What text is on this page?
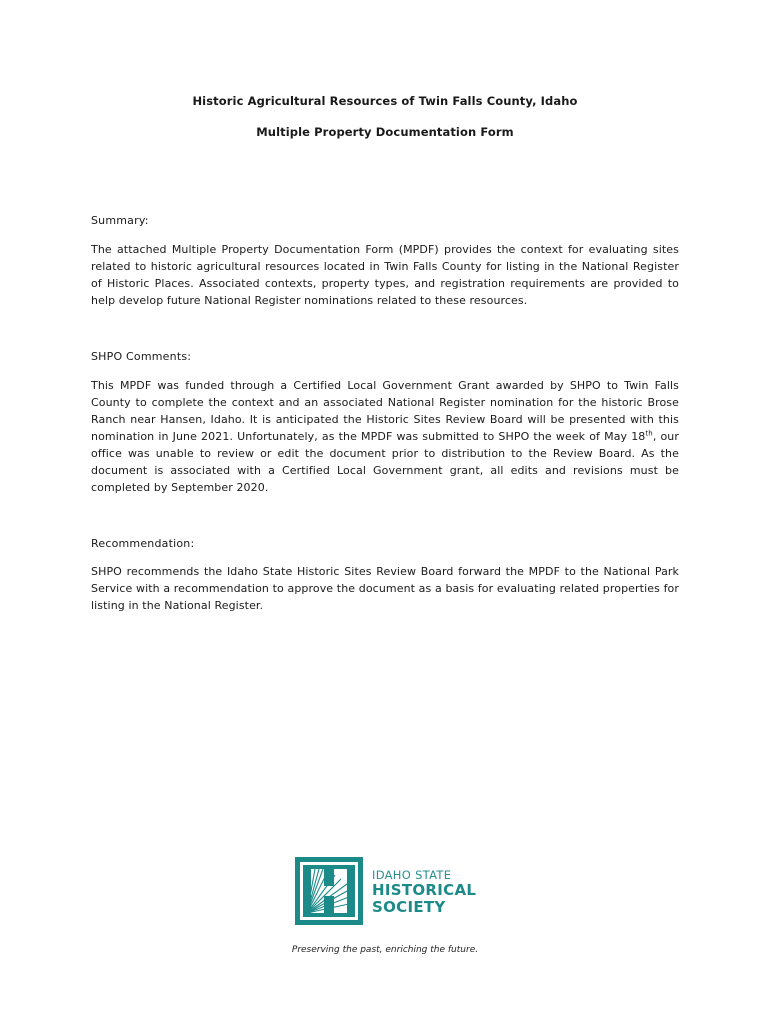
Historic Agricultural Resources of Twin Falls County, Idaho
Multiple Property Documentation Form
Summary:
The attached Multiple Property Documentation Form (MPDF) provides the context for evaluating sites related to historic agricultural resources located in Twin Falls County for listing in the National Register of Historic Places. Associated contexts, property types, and registration requirements are provided to help develop future National Register nominations related to these resources.
SHPO Comments:
This MPDF was funded through a Certified Local Government Grant awarded by SHPO to Twin Falls County to complete the context and an associated National Register nomination for the historic Brose Ranch near Hansen, Idaho. It is anticipated the Historic Sites Review Board will be presented with this nomination in June 2021. Unfortunately, as the MPDF was submitted to SHPO the week of May 18th, our office was unable to review or edit the document prior to distribution to the Review Board. As the document is associated with a Certified Local Government grant, all edits and revisions must be completed by September 2020.
Recommendation:
SHPO recommends the Idaho State Historic Sites Review Board forward the MPDF to the National Park Service with a recommendation to approve the document as a basis for evaluating related properties for listing in the National Register.
IDAHO STATE
HISTORICAL
SOCIETY
Preserving the past, enriching the future.
